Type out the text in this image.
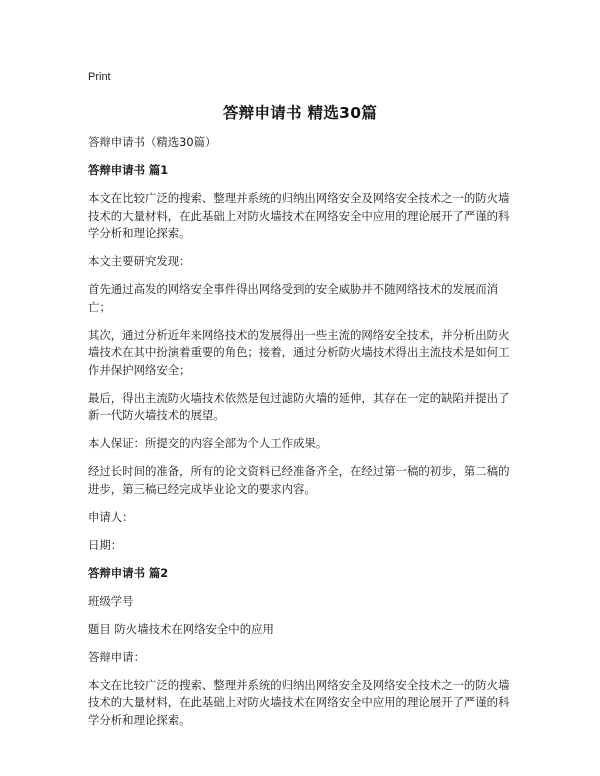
Print
答辩申请书 精选30篇

答辩申请书（精选30篇）

答辩申请书 篇1

本文在比较广泛的搜索、整理并系统的归纳出网络安全及网络安全技术之一的防火墙技术的大量材料，在此基础上对防火墙技术在网络安全中应用的理论展开了严谨的科学分析和理论探索。

本文主要研究发现：

首先通过高发的网络安全事件得出网络受到的安全威胁并不随网络技术的发展而消亡；

其次，通过分析近年来网络技术的发展得出一些主流的网络安全技术，并分析出防火墙技术在其中扮演着重要的角色；接着，通过分析防火墙技术得出主流技术是如何工作并保护网络安全；

最后，得出主流防火墙技术依然是包过滤防火墙的延伸，其存在一定的缺陷并提出了新一代防火墙技术的展望。

本人保证：所提交的内容全部为个人工作成果。

经过长时间的准备，所有的论文资料已经准备齐全，在经过第一稿的初步，第二稿的进步，第三稿已经完成毕业论文的要求内容。

申请人：

日期：

答辩申请书 篇2

班级学号

题目 防火墙技术在网络安全中的应用

答辩申请：

本文在比较广泛的搜索、整理并系统的归纳出网络安全及网络安全技术之一的防火墙技术的大量材料，在此基础上对防火墙技术在网络安全中应用的理论展开了严谨的科学分析和理论探索。
